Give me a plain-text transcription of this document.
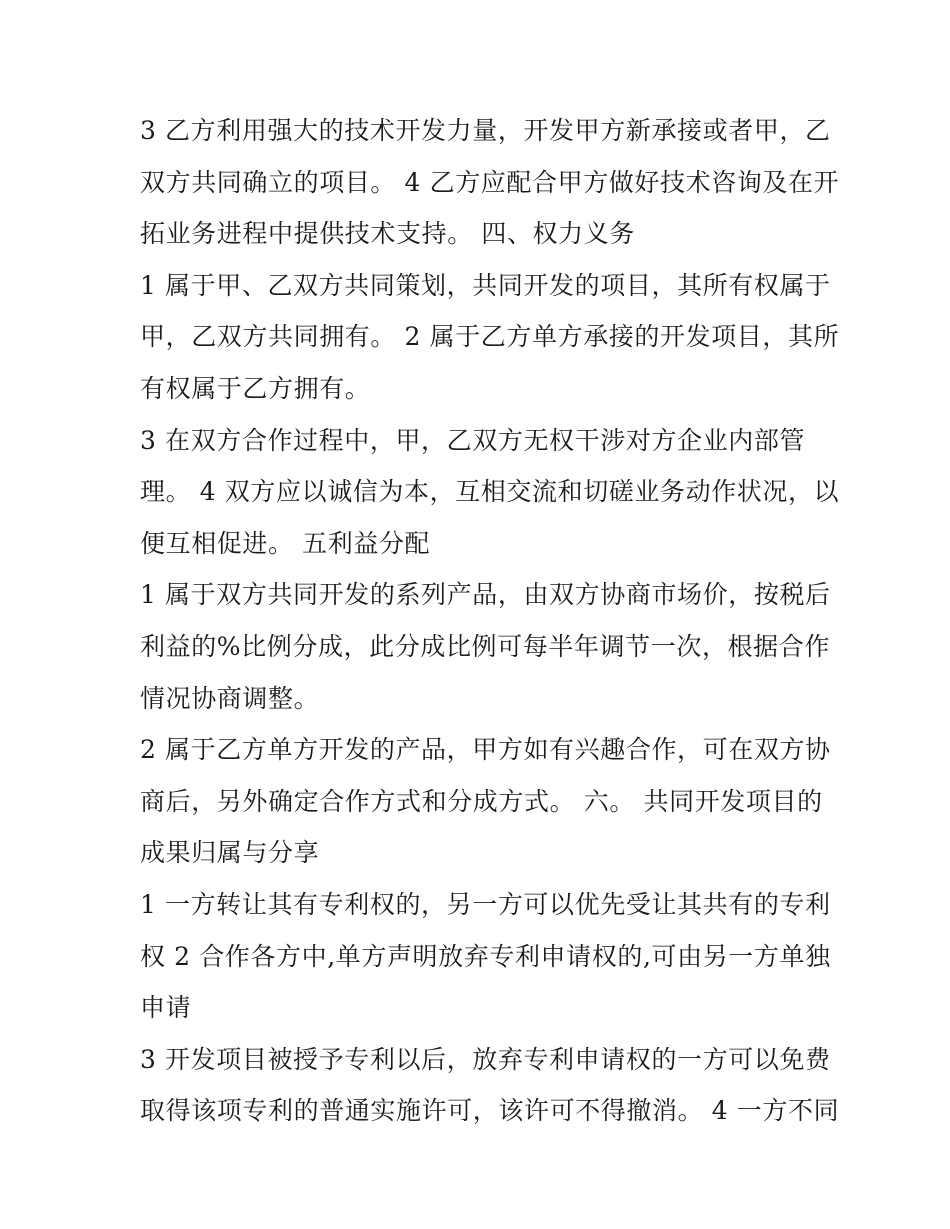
3 乙方利用强大的技术开发力量，开发甲方新承接或者甲，乙
双方共同确立的项目。 4 乙方应配合甲方做好技术咨询及在开
拓业务进程中提供技术支持。 四、权力义务
1 属于甲、乙双方共同策划，共同开发的项目，其所有权属于
甲，乙双方共同拥有。 2 属于乙方单方承接的开发项目，其所
有权属于乙方拥有。
3 在双方合作过程中，甲，乙双方无权干涉对方企业内部管
理。 4 双方应以诚信为本，互相交流和切磋业务动作状况，以
便互相促进。 五利益分配
1 属于双方共同开发的系列产品，由双方协商市场价，按税后
利益的%比例分成，此分成比例可每半年调节一次，根据合作
情况协商调整。
2 属于乙方单方开发的产品，甲方如有兴趣合作，可在双方协
商后，另外确定合作方式和分成方式。 六。 共同开发项目的
成果归属与分享
1 一方转让其有专利权的，另一方可以优先受让其共有的专利
权 2 合作各方中,单方声明放弃专利申请权的,可由另一方单独
申请
3 开发项目被授予专利以后，放弃专利申请权的一方可以免费
取得该项专利的普通实施许可，该许可不得撤消。 4 一方不同
